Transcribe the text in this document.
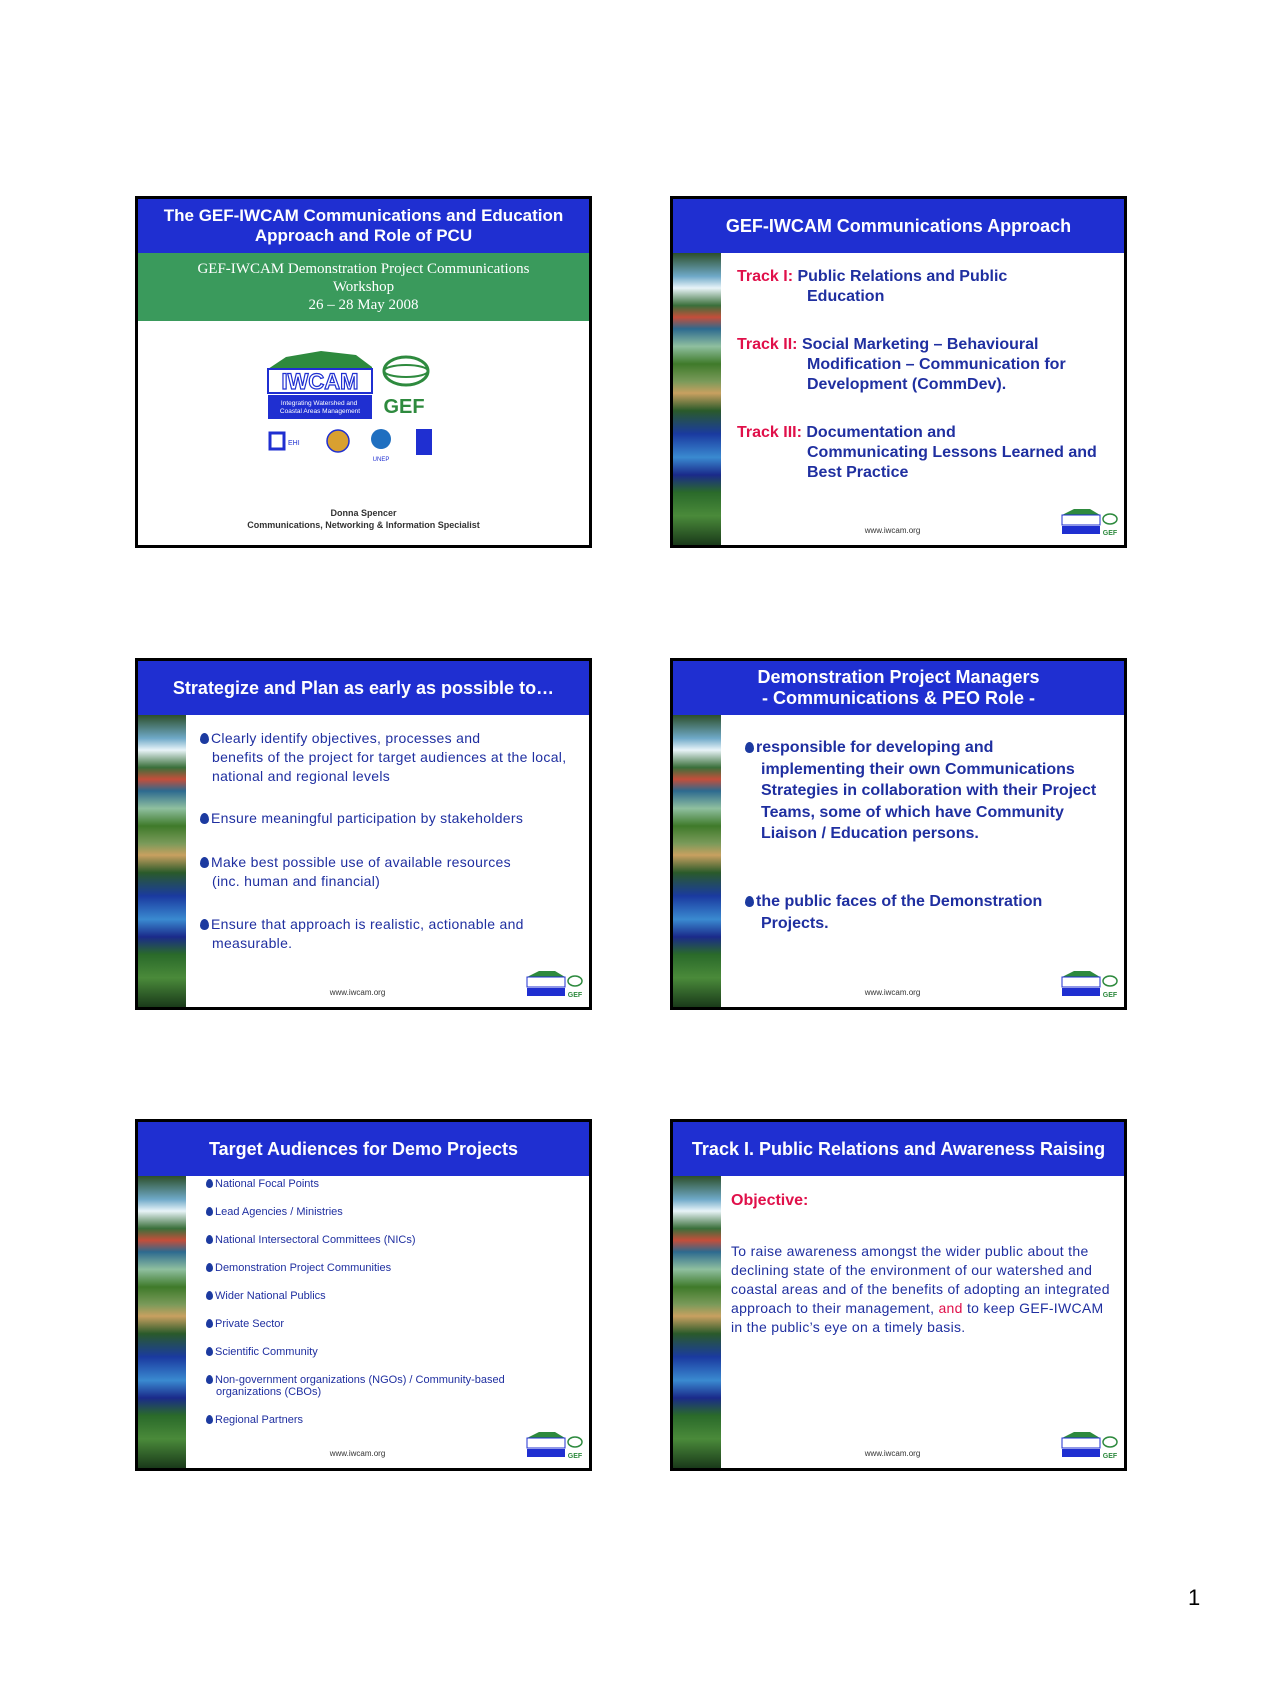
The GEF-IWCAM Communications and Education Approach and Role of PCU
GEF-IWCAM Demonstration Project Communications
Workshop
26 – 28 May 2008
IWCAM
Integrating Watershed and Coastal Areas Management GEF
EHI
UNEP
Donna Spencer
Communications, Networking & Information Specialist
GEF-IWCAM Communications Approach
Track I: Public Relations and Public
Education
Track II: Social Marketing – Behavioural
Modification – Communication for Development (CommDev).
Track III: Documentation and
Communicating Lessons Learned and Best Practice
www.iwcam.org	GEF
Strategize and Plan as early as possible to…
Clearly identify objectives, processes and
benefits of the project for target audiences at the local, national and regional levels
Ensure meaningful participation by stakeholders
Make best possible use of available resources
(inc. human and financial)
Ensure that approach is realistic, actionable and
measurable.
www.iwcam.org	GEF
Demonstration Project Managers
- Communications & PEO Role -
responsible for developing and
implementing their own Communications Strategies in collaboration with their Project Teams, some of which have Community Liaison / Education persons.
the public faces of the Demonstration
Projects.
www.iwcam.org	GEF
Target Audiences for Demo Projects
National Focal Points
Lead Agencies / Ministries
National Intersectoral Committees (NICs)
Demonstration Project Communities
Wider National Publics
Private Sector
Scientific Community
Non-government organizations (NGOs) / Community-based
organizations (CBOs)
Regional Partners
www.iwcam.org	GEF
Track I. Public Relations and Awareness Raising
Objective:
To raise awareness amongst the wider public about the declining state of the environment of our watershed and coastal areas and of the benefits of adopting an integrated approach to their management, and to keep GEF-IWCAM in the public’s eye on a timely basis.
www.iwcam.org	GEF
1
